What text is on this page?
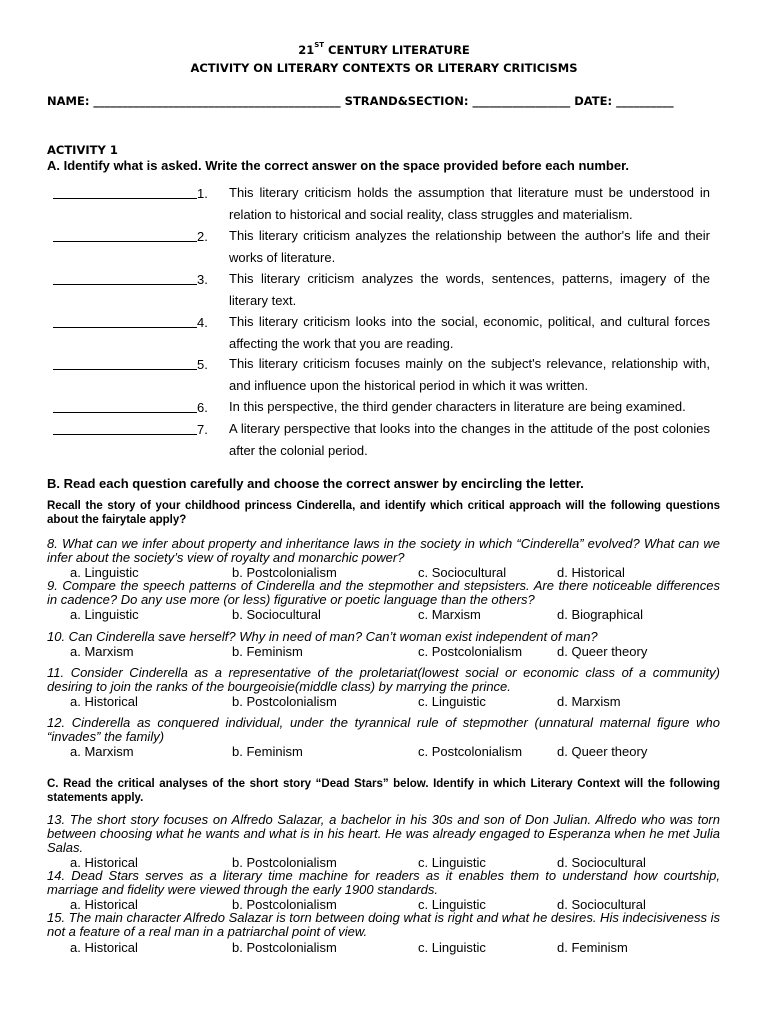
21ST CENTURY LITERATURE
ACTIVITY ON LITERARY CONTEXTS OR LITERARY CRITICISMS
NAME: ___________________________________________ STRAND&SECTION: _________________ DATE: __________
ACTIVITY 1
A. Identify what is asked. Write the correct answer on the space provided before each number.
1. This literary criticism holds the assumption that literature must be understood in relation to historical and social reality, class struggles and materialism.
2. This literary criticism analyzes the relationship between the author's life and their works of literature.
3. This literary criticism analyzes the words, sentences, patterns, imagery of the literary text.
4. This literary criticism looks into the social, economic, political, and cultural forces affecting the work that you are reading.
5. This literary criticism focuses mainly on the subject's relevance, relationship with, and influence upon the historical period in which it was written.
6. In this perspective, the third gender characters in literature are being examined.
7. A literary perspective that looks into the changes in the attitude of the post colonies after the colonial period.
B. Read each question carefully and choose the correct answer by encircling the letter.
Recall the story of your childhood princess Cinderella, and identify which critical approach will the following questions about the fairytale apply?
8. What can we infer about property and inheritance laws in the society in which “Cinderella” evolved? What can we infer about the society’s view of royalty and monarchic power?
a. Linguistic	b. Postcolonialism	c. Sociocultural	d. Historical
9. Compare the speech patterns of Cinderella and the stepmother and stepsisters. Are there noticeable differences in cadence? Do any use more (or less) figurative or poetic language than the others?
a. Linguistic	b. Sociocultural	c. Marxism	d. Biographical
10. Can Cinderella save herself? Why in need of man? Can’t woman exist independent of man?
a. Marxism	b. Feminism	c. Postcolonialism	d. Queer theory
11. Consider Cinderella as a representative of the proletariat(lowest social or economic class of a community) desiring to join the ranks of the bourgeoisie(middle class) by marrying the prince.
a. Historical	b. Postcolonialism	c. Linguistic	d. Marxism
12. Cinderella as conquered individual, under the tyrannical rule of stepmother (unnatural maternal figure who “invades” the family)
a. Marxism	b. Feminism	c. Postcolonialism	d. Queer theory
C. Read the critical analyses of the short story “Dead Stars” below. Identify in which Literary Context will the following statements apply.
13. The short story focuses on Alfredo Salazar, a bachelor in his 30s and son of Don Julian. Alfredo who was torn between choosing what he wants and what is in his heart. He was already engaged to Esperanza when he met Julia Salas.
a. Historical	b. Postcolonialism	c. Linguistic	d. Sociocultural
14. Dead Stars serves as a literary time machine for readers as it enables them to understand how courtship, marriage and fidelity were viewed through the early 1900 standards.
a. Historical	b. Postcolonialism	c. Linguistic	d. Sociocultural
15. The main character Alfredo Salazar is torn between doing what is right and what he desires. His indecisiveness is not a feature of a real man in a patriarchal point of view.
a. Historical	b. Postcolonialism	c. Linguistic	d. Feminism
